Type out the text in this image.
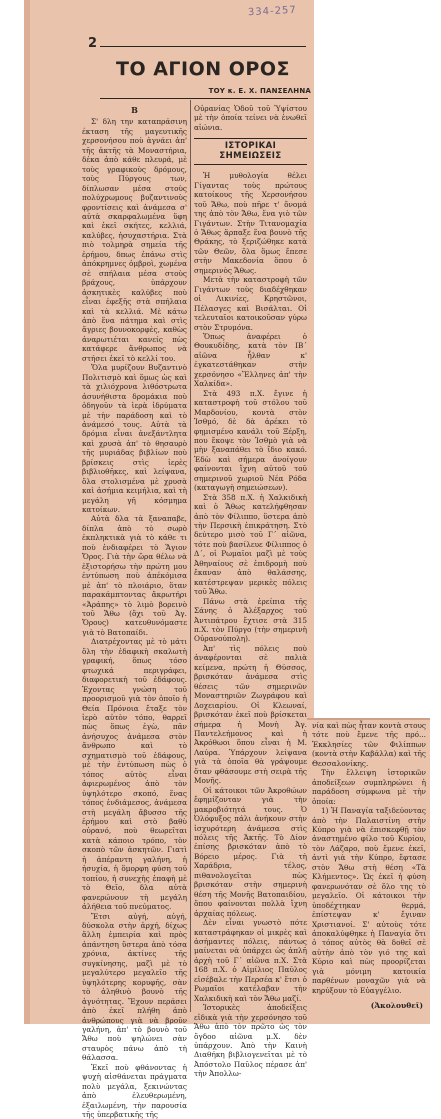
334-257
2
ΤΟ ΑΓΙΟΝ ΟΡΟΣ
ΤΟΥ κ. Ε. Χ. ΠΑΝΣΕΛΗΝΑ
Β

Σ' δλη την καταπράσινη έκταση τῆς μαγευτικῆς χερσονήσου ποὺ ἁγνάει ἀπ' τῆς ἀκτῆς τὰ Μοναστήρια, δέκα ἀπὸ κάθε πλευρά, μὲ τοὺς γραφικοὺς δρόμους, τοὺς Πύργους των, δίπλωσαν μέσα στοὺς πολύχρωμους βυζαντινοὺς φροντίσεις καὶ ἀνάμεσα σ' αὐτὰ σκαρφαλωμένα ὕφη καὶ ἐκεῖ σκήτες, κελλιά, καλύβες, ἡσυχαστήρια. Στὰ πιὸ τολμηρὰ σημεία τῆς ἐρήμου, δπως ἐπάνω στὶς ἀπόκρημνες ὀμβροὶ, χωμένα σὲ σπήλαια μέσα στοὺς βράχους, ὑπάρχουν ἀσκητικὲς καλύβες ποὺ εἶναι ἐφεξῆς στὰ σπήλαια καὶ τὰ κελλιά. Μὲ κάτω ἀπὸ ἕνα πάτημα καὶ στὶς ἄγριες βουνοκορφὲς, καθὼς ἀναρωτιέται κανείς πὼς κατάφερε ἄνθρωπος νὰ στήσει ἐκεῖ τὸ κελλί του.

Ὅλα μυρίζουν Βυζαντινὸ Πολιτισμὸ καὶ ὅμως ὡς καὶ τὰ χιλιόχρονα λιθόστρωτα ἀσυνήθιστα δρομάκια ποὺ ὁδηγοῦν τὰ ἱερὰ ἱδρύματα μὲ τὴν παράδοση καὶ τὸ ἀνάμεσό τους. Αὐτὰ τὰ δρόμια εἶναι ἀνεξάντλητα καὶ χρυσὰ ἀπ' τὸ θησαυρὸ τῆς μυριάδας βιβλίων ποὺ βρίσκεις στὶς ἱερὲς βιβλιοθῆκες, καὶ λείψανα, ὅλα στολισμένα μὲ χρυσὰ καὶ ἀσήμια κειμήλια, καὶ τὴ μεγάλη γῆ κόσμημα κατοίκων.

Αὐτὰ δλα τὰ ξαναπαβε, δίπλα ἀπὸ τὸ σωρὸ ἐκπληκτικὰ γιὰ τὸ κάθε τι ποὺ ἐνδιαφέρει τὸ Ἅγιον Ὄρος. Γιὰ τὴν ὥρα θέλω νὰ ἐξιστορήσω τὴν πρώτη μου ἐντύπωση ποὺ ἀπέκόμισα μὲ ἀπ' τὸ πλοιάριο, ὅταν παρακάμπτοντας ἄκρωτήρι «Ἀράπης» τὸ λιμὸ βορεινὸ τοῦ Ἄθω (ὄχι τοῦ Ἁγ. Ὄρους) κατευθυνόμαστε γιὰ τὸ Βατοπαίδι.

Διατρέχοντας μὲ τὸ μάτι ὅλη τὴν ἐδαφικὴ σκαλωτὴ γραφική, ὅπως τόσο φτωχικά περιγράφει, διαφορετικὴ τοῦ ἐδάφους. Ἐχοντας γνώση τοῦ προορισμοῦ γιὰ τὸν ὁποῖο ἡ Θεία Πρόνοια ἔταξε τὸν ἱερὸ αὐτὸν τόπο, θαρρεῖ πὼς ὅπως ἐγὼ, πᾶν ἀνήσυχος ἀνάμεσα στὸν ἄνθρωπο καὶ τὸ σχηματισμὸ τοῦ ἐδάφους, μὲ τὴν ἐντύπωση πὼς ὁ τόπος αὐτὸς εἶναι ἀφιερωμένος ἀπὸ τὸν ὑψηλότερο σκοπό, ἕνας τόπος ἐνδιάμεσος, ἀνάμεσα στὴ μεγάλη ἄβυσσο τῆς ἐρήμου καὶ στὸ βαθὺ οὐρανό, ποὺ θεωρεῖται κατὰ κάποιο τρόπο, τὸν σκοπὸ τῶν ἀσκητῶν. Γιατὶ ἡ ἀπέραντη γαλήνη, ἡ ἡσυχία, ἡ ὅμορφη φύση τοῦ τοπίου, ἡ συνεχὴς ἐπαφὴ μὲ τὸ Θεῖο, δλα αὐτὰ φανερώνουν τὴ μεγάλη ἀλήθεια τοῦ πνεύματος.

Ἔτσι αὐγή, αὐγή, δύσκολα στὴν ἀρχή, δίχως ἄλλη ἐμπειρία καὶ πρὸς ἀπάντηση ὕστερα ἀπὸ τόσα χρόνια, ἀκτίνες τῆς συγκίνησης, μαζὶ μὲ τὸ μεγαλύτερο μεγαλεῖο τῆς ὑψηλότερης κορυφῆς, σὰν τὸ ἀληθινὸ βουνὸ τῆς ἁγνότητας. Ἔχουν περάσει ἀπὸ ἐκεῖ πλήθη ἀπὸ ἀνθρώπους γιὰ νὰ βροῦν γαλήνη, ἀπ' τὸ βουνὸ τοῦ Ἄθω ποὺ ψηλώνει σὰν σταυρὸς πάνω ἀπὸ τὴ θάλασσα.

Ἐκεῖ ποὺ φθάνοντας ἡ ψυχὴ αἰσθάνεται πράγματα πολὺ μεγάλα, ξεκινώντας ἀπὸ ἐλευθερωμένη, ἐξαιλωμένη, τὴν παρουσία τῆς ὑπερβατικῆς τῆς

Οὐρανίας Ὁδοῦ τοῦ Ὑψίστου μὲ τὴν ὁποία τείνει νὰ ἑνωθεῖ αἰώνια.

ΙΣΤΟΡΙΚΑΙ ΣΗΜΕΙΩΣΕΙΣ

Ἡ μυθολογία θέλει Γίγαντας τοὺς πρώτους κατοίκους τῆς Χερσονήσου τοῦ Ἄθω, ποὺ πῆρε τ' ὄνομά της ἀπὸ τὸν Ἄθω, ἕνα γιὸ τῶν Γιγάντων. Στὴν Τιτανομαχία ὁ Ἄθως ἅρπαξε ἕνα βουνὸ τῆς Θράκης, τὸ ξεριζώθηκε κατὰ τῶν Θεῶν, ὅλα ὅμως ἔπεσε στὴν Μακεδονία ὅπου ὁ σημερινὸς Ἄθως.

Μετὰ τὴν καταστροφὴ τῶν Γιγάντων τοὺς διαδέχθηκαν οἱ Λικινίες, Κρηστῶνοι, Πέλασγες καὶ Βισάλται. Οἱ τελευταῖοι κατοικοῦσαν γύρω στὸν Στρυμόνα.

Ὅπως ἀναφέρει ὁ Θουκυδίδης, κατὰ τὸν ΙΒ΄ αἰῶνα ἦλθαν κ' ἐγκατεστάθηκαν στὴν χερσόνησο «Ἕλληνες ἀπ' τὴν Χαλκίδα».

Στὰ 493 π.Χ. ἔγινε ἡ καταστροφὴ τοῦ στόλου τοῦ Μαρδονίου, κοντὰ στὸν Ἰσθμό, δὲ δὰ ἀρέκει τὸ φημισμένο κανάλι τοῦ Ξέρξη, που ἔκοψε τὸν Ἰσθμὸ γιὰ νὰ μὴν ξαναπάθει τὸ ἴδιο κακό. Ἐδὼ καὶ σήμερα ἀνοίγουν φαίνονται ἴχνη αὐτοῦ τοῦ σημερινοῦ χωριοῦ Νέα Ρόδα (καταγωγὴ σημειώσεων).

Στὰ 358 π.Χ. ἡ Χαλκιδικὴ καὶ ὁ Ἄθως κατελήφθησαν ἀπὸ τὸν Φίλιππο, ὕστερα ἀπὸ τὴν Περσικὴ ἐπικράτηση. Στὸ δεύτερο μισὸ τοῦ Γ΄ αἰῶνα, τότε ποὺ βασίλευε Φίλιππος ὁ Δ΄, οἱ Ρωμαῖοι μαζὶ μὲ τοὺς Ἀθηναίους σὲ ἐπιδρομὴ ποὺ ἔκαναν ἀπὸ θαλάσσης, κατέστρεψαν μερικὲς πόλεις τοῦ Ἄθω.

Πάνω στὰ ἐρείπια τῆς Σάνης ὁ Ἀλέξαρχος τοῦ Ἀντιπάτρου ἔχτισε στὰ 315 π.Χ. τὸν Πύργο (τὴν σημερινὴ Οὐρανούπολη).

Ἀπ' τὶς πόλεις ποὺ ἀναφέρονται σὲ παλιὰ κείμενα, πρώτη ἡ Θύσσος, βρισκόταν ἀνάμεσα στὶς θέσεις τῶν σημερινῶν Μοναστηριῶν Ζωγράφου καὶ Δοχειαρίου. Οἱ Κλεωναί, βρισκόταν ἐκεῖ ποὺ βρίσκεται σήμερα ἡ Μονὴ Ἁγ. Παντελεήμονος καὶ ἡ Ἀκρόθωοι ὅπου εἶναι ἡ Μ. Λαύρα. Ὑπάρχουν λείψανα γιὰ τὰ ὁποῖα θὰ γράψουμε ὅταν φθάσουμε στὴ σειρὰ τῆς Μονῆς.

Οἱ κάτοικοι τῶν Ἀκροθώων ἔφημίζονταν γιὰ τὴν μακροβιότητά τους. Ὁ Ὀλόφυξος πάλι ἀνήκουν στὴν ἰσχυρότερη ἀνάμεσα στὶς πόλεις τῆς Ἀκτῆς. Τὸ Δίον ἐπίσης βρισκόταν ἀπὸ τὸ Βόρειο μέρος. Γιὰ τὴ Χαράδρια, τέλος, πιθανολογεῖται πὼς βρισκόταν στὴν σημερινὴ θέση τῆς Μονῆς Βατοπαιδίου, ὅπου φαίνονται πολλὰ ἴχνη ἀρχαίας πόλεως.

Δὲν εἶναι γνωστὸ πότε καταστράφηκαν οἱ μικρὲς καὶ ἀσήμαντες πόλεις, πάντως μαίνεται νὰ ὑπάρχει ὡς ἀπλῆ ἀρχὴ τοῦ Γ΄ αἰῶνα π.Χ. Στὰ 168 π.Χ. ὁ Αἰμίλιος Παῦλος εἰσέβαλε τὴν Περσέα κ' ἔτσι ὁ Ρωμαῖοι κατέλαβαν τὴν Χαλκιδικὴ καὶ τὸν Ἄθω μαζί.

Ἱστορικὲς ἀποδείξεις εἰδικὰ γιὰ τὴν χερσόνησο τοῦ Ἄθω ἀπὸ τὸν πρῶτο ὡς τὸν ὄγδοο αἰῶνα μ.Χ. δὲν ὑπάρχουν. Ἀπὸ τὴν Καινὴ Διαθήκη βιβλιογενεῖται μὲ τὸ Ἀπόστολο Παῦλος πέρασε ἀπ' τὴν Ἀπολλω-

νία καὶ πὼς ἦταν κοντὰ στους τότε ποὺ ἔμενε τῆς πρό... Ἐκκλησίες τῶν Φιλίππων (κοντὰ στὴν Καβάλλα) καὶ τῆς Θεσσαλονίκης.

Τὴν ἔλλειψη ἱστορικῶν ἀποδείξεων συμπληρώνει ἡ παράδοση σύμφωνα μὲ τὴν ὁποία:

1) Ἡ Παναγία ταξιδεύοντας ἀπὸ τὴν Παλαιστίνη στὴν Κύπρο γιὰ νὰ ἐπισκεφθῇ τὸν ἀναστημένο φίλο τοῦ Κυρίου, τὸν Λάζαρο, ποὺ ἔμενε ἐκεῖ, ἀντὶ γιὰ τὴν Κύπρο, ἔφτασε στὸν Ἄθω στὴ θέση «Τὰ Κλήμεντος». Ὡς ἐκεῖ ἡ φύση φανερωνόταν σὲ ὅλο της τὸ μεγαλεῖο. Οἱ κάτοικοι τὴν ὑποδέχτηκαν θερμά, ἐπίστεψαν κ' ἔγιναν Χριστιανοί. Σ' αὐτοὺς τότε ἀποκαλύφθηκε ἡ Παναγία ὅτι ὁ τόπος αὐτὸς θὰ δοθεῖ σὲ αὐτὴν ἀπὸ τὸν γιό της καὶ Κύριο καὶ πὼς προορίζεται γιὰ μόνιμη κατοικία παρθένων μοναχῶν γιὰ νὰ κηρύξουν τὸ Εὐαγγέλιο.

(Ἀκολουθεῖ)
